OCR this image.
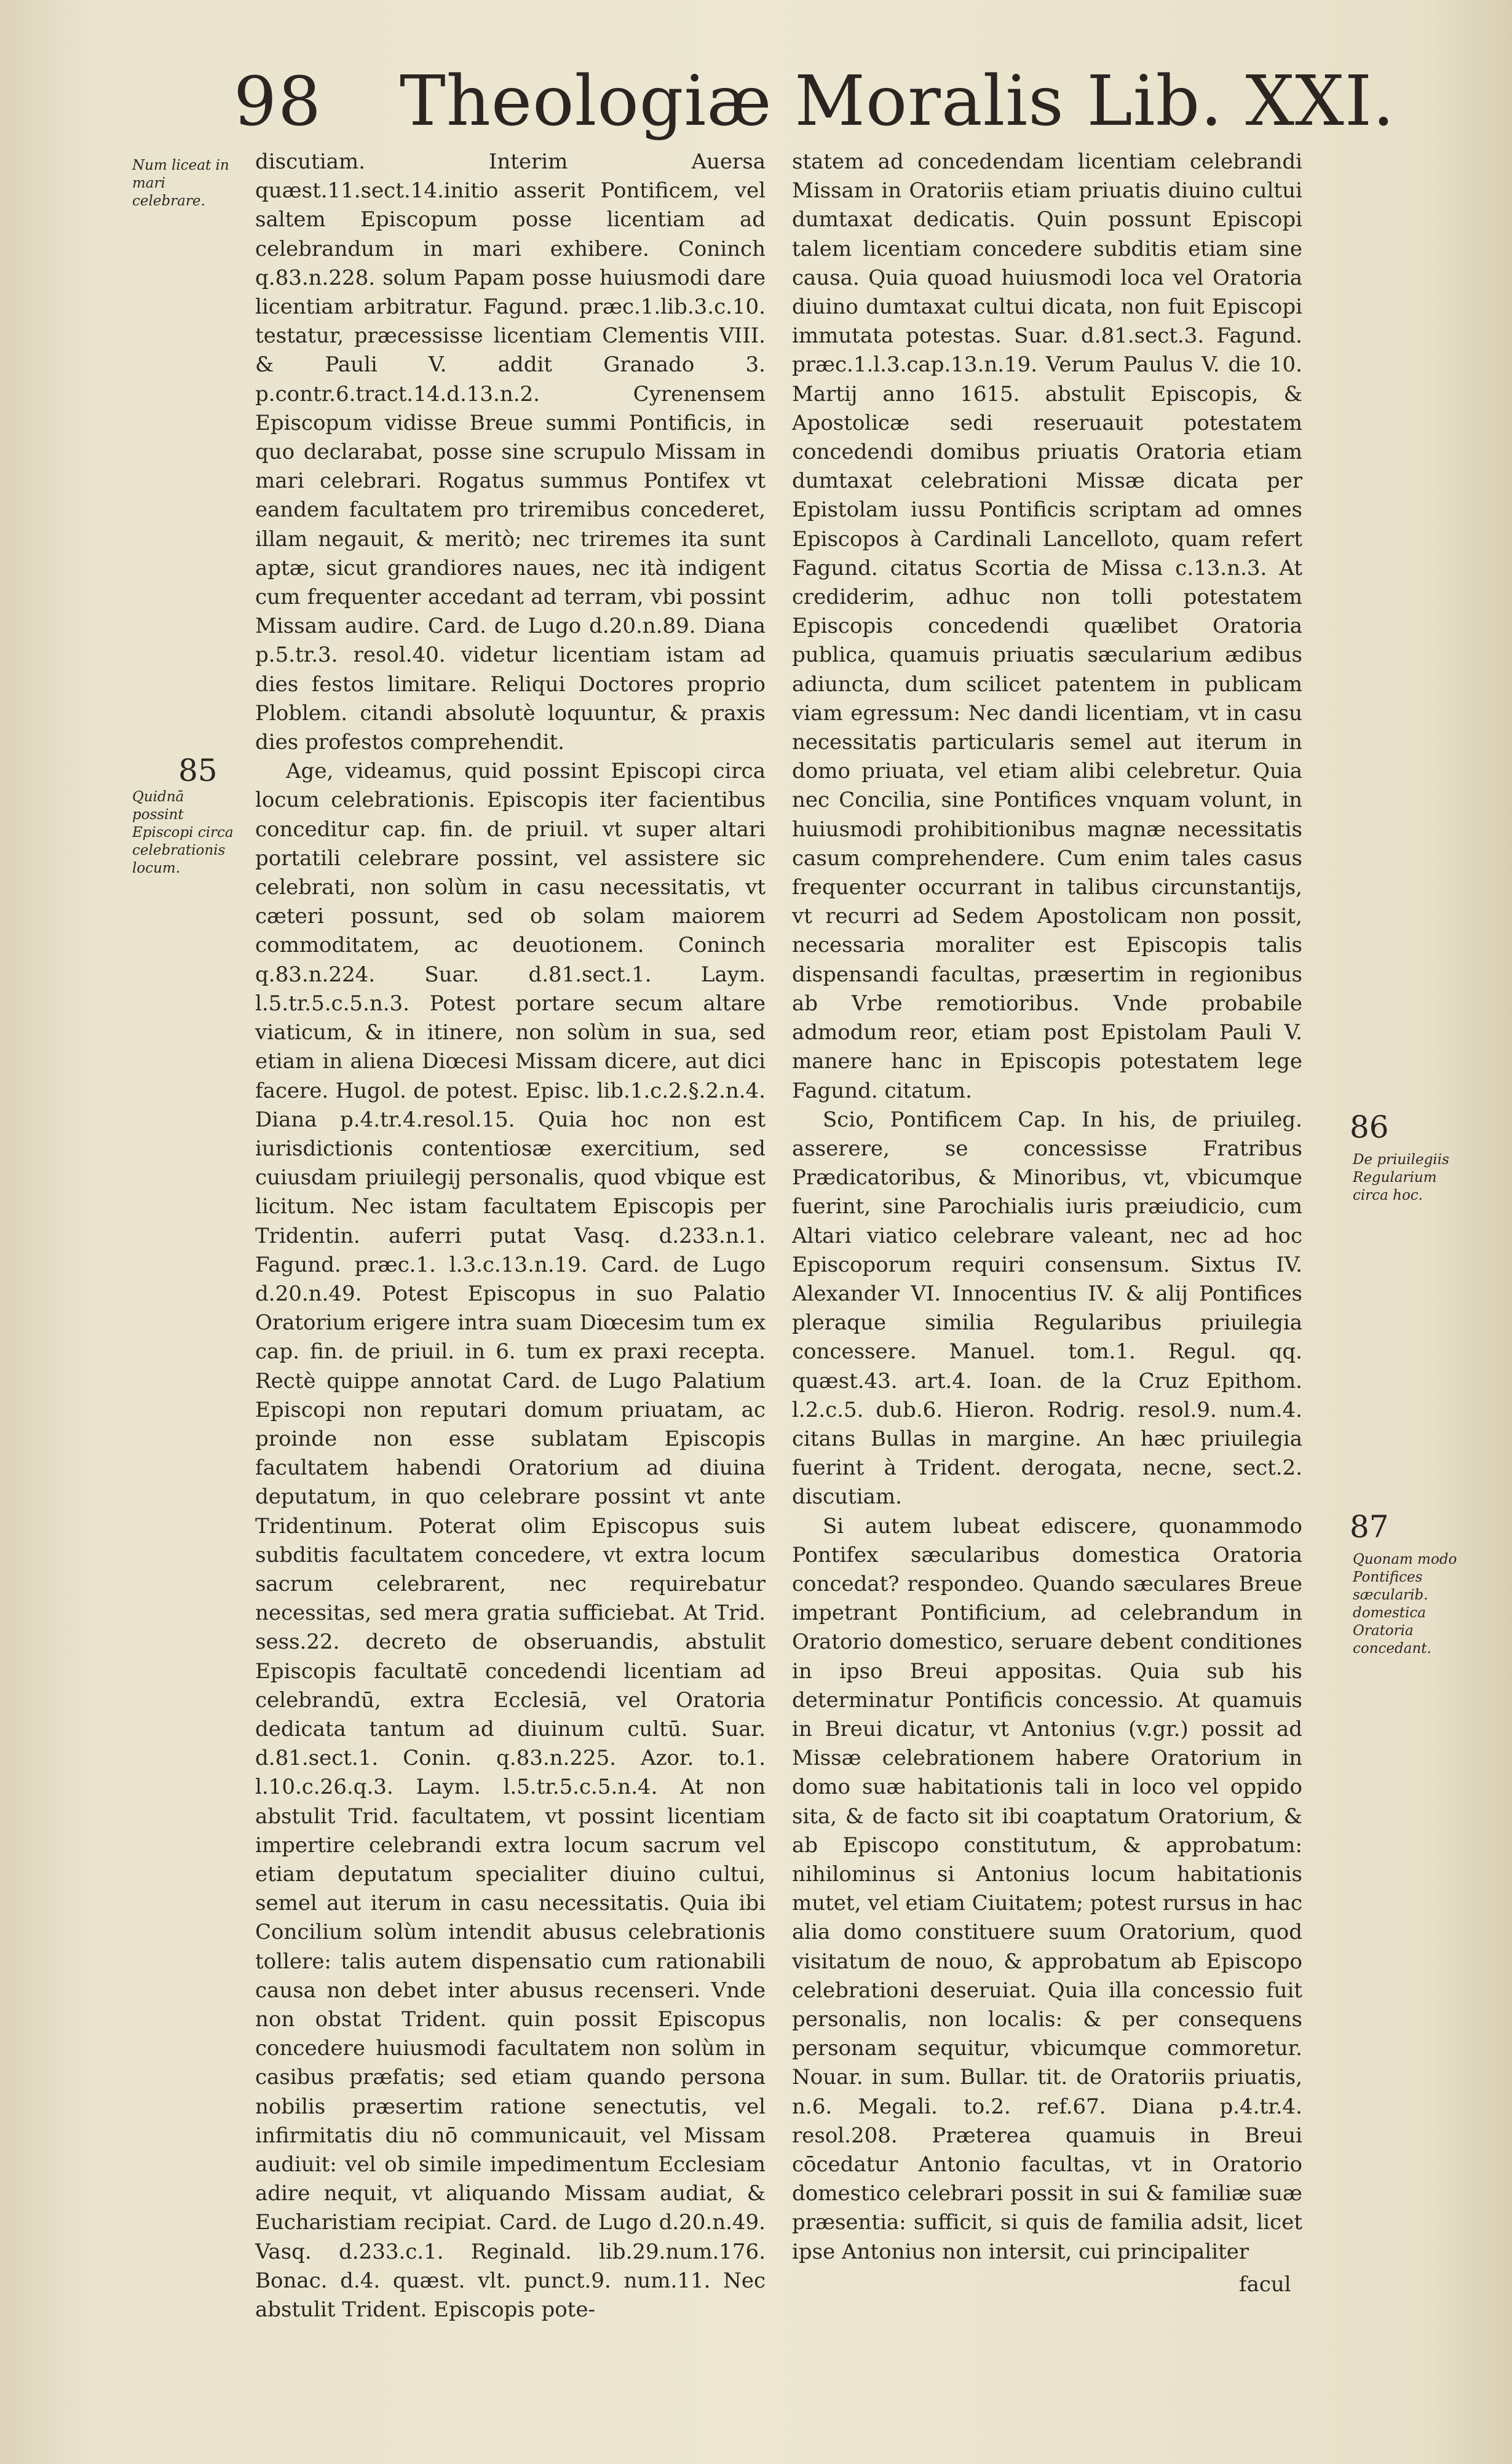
98 Theologiæ Moralis Lib. XXI.
Num liceat in mari celebrare.
85
Quidnā possint Episcopi circa celebrationis locum.

discutiam. Interim Auersa quæst.11.sect.14.initio asserit Pontificem, vel saltem Episcopum posse licentiam ad celebrandum in mari exhibere. Coninch q.83.n.228. solum Papam posse huiusmodi dare licentiam arbitratur. Fagund. præc.1.lib.3.c.10. testatur, præcessisse licentiam Clementis VIII. & Pauli V. addit Granado 3. p.contr.6.tract.14.d.13.n.2. Cyrenensem Episcopum vidisse Breue summi Pontificis, in quo declarabat, posse sine scrupulo Missam in mari celebrari. Rogatus summus Pontifex vt eandem facultatem pro triremibus concederet, illam negauit, & meritò; nec triremes ita sunt aptæ, sicut grandiores naues, nec ità indigent cum frequenter accedant ad terram, vbi possint Missam audire. Card. de Lugo d.20.n.89. Diana p.5.tr.3. resol.40. videtur licentiam istam ad dies festos limitare. Reliqui Doctores proprio Ploblem. citandi absolutè loquuntur, & praxis dies profestos comprehendit.

Age, videamus, quid possint Episcopi circa locum celebrationis. Episcopis iter facientibus conceditur cap. fin. de priuil. vt super altari portatili celebrare possint, vel assistere sic celebrati, non solùm in casu necessitatis, vt cæteri possunt, sed ob solam maiorem commoditatem, ac deuotionem. Coninch q.83.n.224. Suar. d.81.sect.1. Laym. l.5.tr.5.c.5.n.3. Potest portare secum altare viaticum, & in itinere, non solùm in sua, sed etiam in aliena Diœcesi Missam dicere, aut dici facere. Hugol. de potest. Episc. lib.1.c.2.§.2.n.4. Diana p.4.tr.4.resol.15. Quia hoc non est iurisdictionis contentiosæ exercitium, sed cuiusdam priuilegij personalis, quod vbique est licitum. Nec istam facultatem Episcopis per Tridentin. auferri putat Vasq. d.233.n.1. Fagund. præc.1. l.3.c.13.n.19. Card. de Lugo d.20.n.49. Potest Episcopus in suo Palatio Oratorium erigere intra suam Diœcesim tum ex cap. fin. de priuil. in 6. tum ex praxi recepta. Rectè quippe annotat Card. de Lugo Palatium Episcopi non reputari domum priuatam, ac proinde non esse sublatam Episcopis facultatem habendi Oratorium ad diuina deputatum, in quo celebrare possint vt ante Tridentinum. Poterat olim Episcopus suis subditis facultatem concedere, vt extra locum sacrum celebrarent, nec requirebatur necessitas, sed mera gratia sufficiebat. At Trid. sess.22. decreto de obseruandis, abstulit Episcopis facultatē concedendi licentiam ad celebrandū, extra Ecclesiā, vel Oratoria dedicata tantum ad diuinum cultū. Suar. d.81.sect.1. Conin. q.83.n.225. Azor. to.1. l.10.c.26.q.3. Laym. l.5.tr.5.c.5.n.4. At non abstulit Trid. facultatem, vt possint licentiam impertire celebrandi extra locum sacrum vel etiam deputatum specialiter diuino cultui, semel aut iterum in casu necessitatis. Quia ibi Concilium solùm intendit abusus celebrationis tollere: talis autem dispensatio cum rationabili causa non debet inter abusus recenseri. Vnde non obstat Trident. quin possit Episcopus concedere huiusmodi facultatem non solùm in casibus præfatis; sed etiam quando persona nobilis præsertim ratione senectutis, vel infirmitatis diu nō communicauit, vel Missam audiuit: vel ob simile impedimentum Ecclesiam adire nequit, vt aliquando Missam audiat, & Eucharistiam recipiat. Card. de Lugo d.20.n.49. Vasq. d.233.c.1. Reginald. lib.29.num.176. Bonac. d.4. quæst. vlt. punct.9. num.11. Nec abstulit Trident. Episcopis pote-

statem ad concedendam licentiam celebrandi Missam in Oratoriis etiam priuatis diuino cultui dumtaxat dedicatis. Quin possunt Episcopi talem licentiam concedere subditis etiam sine causa. Quia quoad huiusmodi loca vel Oratoria diuino dumtaxat cultui dicata, non fuit Episcopi immutata potestas. Suar. d.81.sect.3. Fagund. præc.1.l.3.cap.13.n.19. Verum Paulus V. die 10. Martij anno 1615. abstulit Episcopis, & Apostolicæ sedi reseruauit potestatem concedendi domibus priuatis Oratoria etiam dumtaxat celebrationi Missæ dicata per Epistolam iussu Pontificis scriptam ad omnes Episcopos à Cardinali Lancelloto, quam refert Fagund. citatus Scortia de Missa c.13.n.3. At crediderim, adhuc non tolli potestatem Episcopis concedendi quælibet Oratoria publica, quamuis priuatis sæcularium ædibus adiuncta, dum scilicet patentem in publicam viam egressum: Nec dandi licentiam, vt in casu necessitatis particularis semel aut iterum in domo priuata, vel etiam alibi celebretur. Quia nec Concilia, sine Pontifices vnquam volunt, in huiusmodi prohibitionibus magnæ necessitatis casum comprehendere. Cum enim tales casus frequenter occurrant in talibus circunstantijs, vt recurri ad Sedem Apostolicam non possit, necessaria moraliter est Episcopis talis dispensandi facultas, præsertim in regionibus ab Vrbe remotioribus. Vnde probabile admodum reor, etiam post Epistolam Pauli V. manere hanc in Episcopis potestatem lege Fagund. citatum.

Scio, Pontificem Cap. In his, de priuileg. asserere, se concessisse Fratribus Prædicatoribus, & Minoribus, vt, vbicumque fuerint, sine Parochialis iuris præiudicio, cum Altari viatico celebrare valeant, nec ad hoc Episcoporum requiri consensum. Sixtus IV. Alexander VI. Innocentius IV. & alij Pontifices pleraque similia Regularibus priuilegia concessere. Manuel. tom.1. Regul. qq. quæst.43. art.4. Ioan. de la Cruz Epithom. l.2.c.5. dub.6. Hieron. Rodrig. resol.9. num.4. citans Bullas in margine. An hæc priuilegia fuerint à Trident. derogata, necne, sect.2. discutiam.

Si autem lubeat ediscere, quonammodo Pontifex sæcularibus domestica Oratoria concedat? respondeo. Quando sæculares Breue impetrant Pontificium, ad celebrandum in Oratorio domestico, seruare debent conditiones in ipso Breui appositas. Quia sub his determinatur Pontificis concessio. At quamuis in Breui dicatur, vt Antonius (v.gr.) possit ad Missæ celebrationem habere Oratorium in domo suæ habitationis tali in loco vel oppido sita, & de facto sit ibi coaptatum Oratorium, & ab Episcopo constitutum, & approbatum: nihilominus si Antonius locum habitationis mutet, vel etiam Ciuitatem; potest rursus in hac alia domo constituere suum Oratorium, quod visitatum de nouo, & approbatum ab Episcopo celebrationi deseruiat. Quia illa concessio fuit personalis, non localis: & per consequens personam sequitur, vbicumque commoretur. Nouar. in sum. Bullar. tit. de Oratoriis priuatis, n.6. Megali. to.2. ref.67. Diana p.4.tr.4. resol.208. Præterea quamuis in Breui cōcedatur Antonio facultas, vt in Oratorio domestico celebrari possit in sui & familiæ suæ præsentia: sufficit, si quis de familia adsit, licet ipse Antonius non intersit, cui principaliter

86
De priuilegiis Regularium circa hoc.
87
Quonam modo Pontifices sæcularib. domestica Oratoria concedant.
facul
